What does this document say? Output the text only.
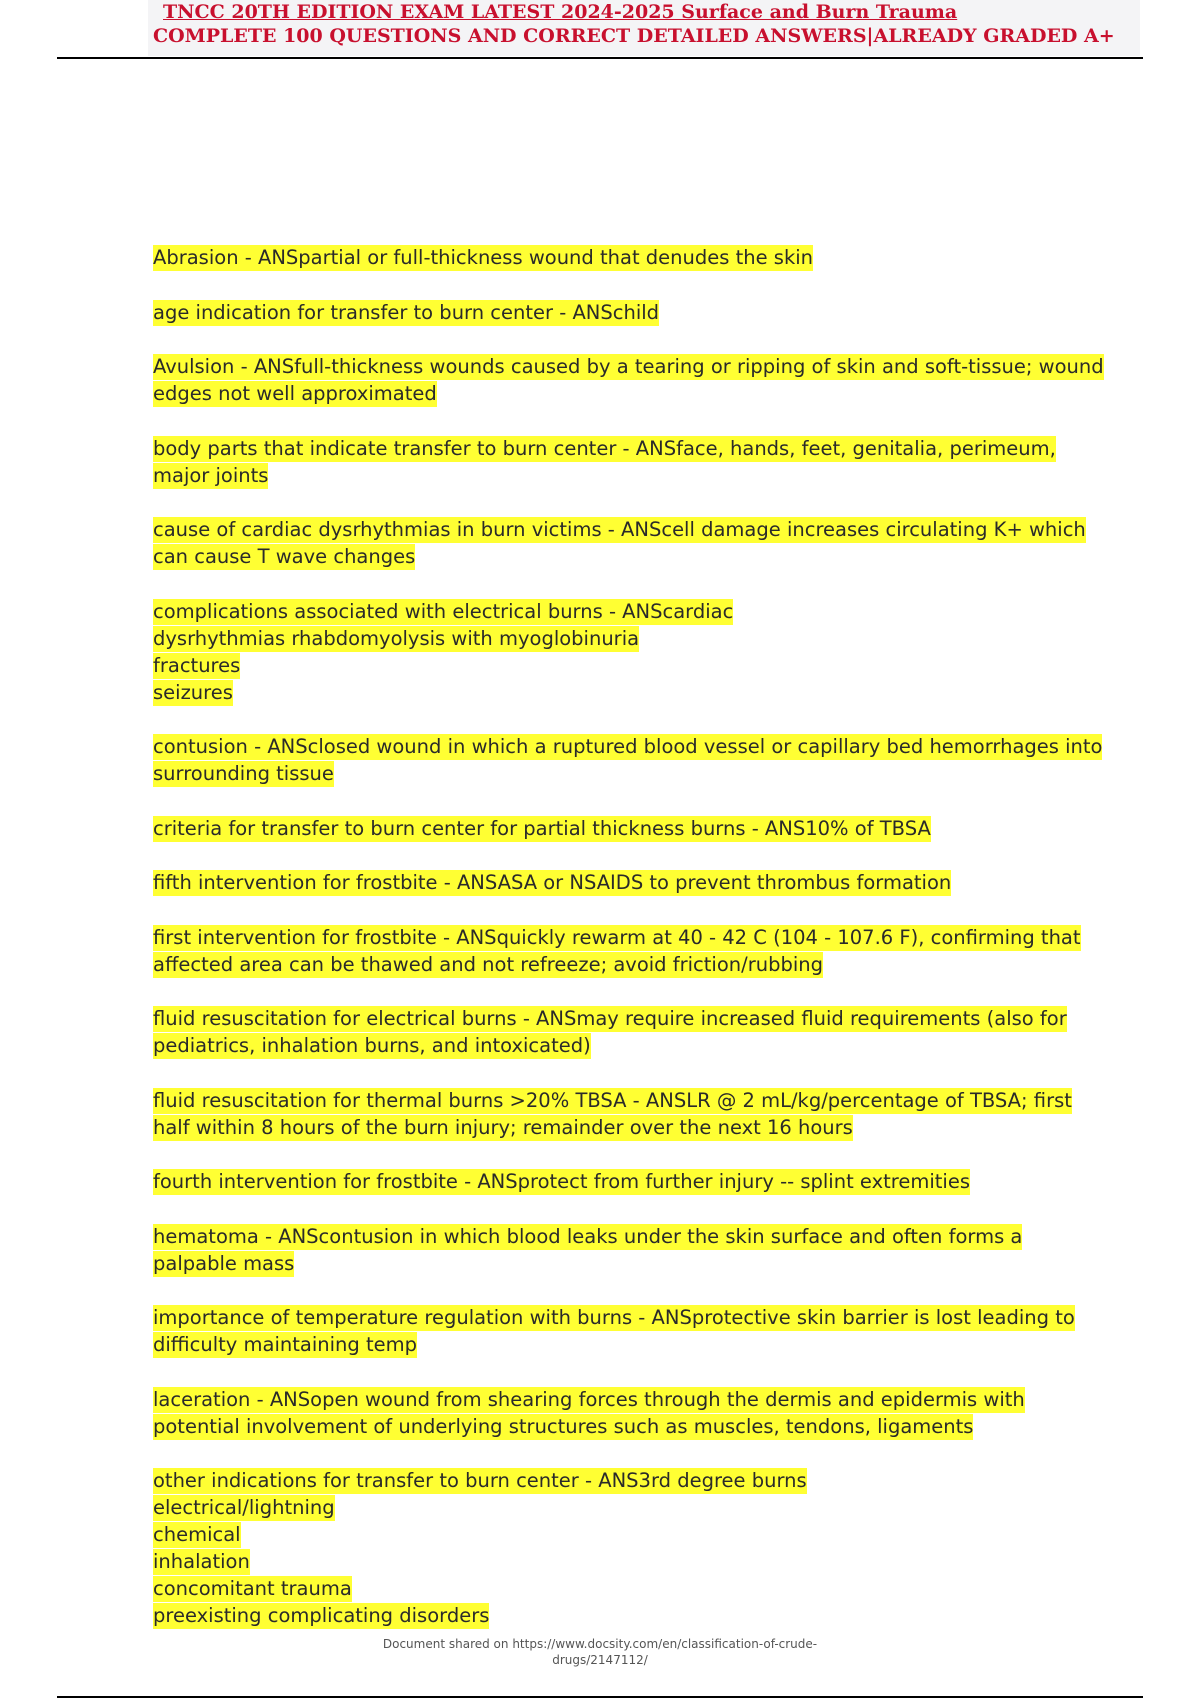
TNCC 20TH EDITION EXAM LATEST 2024-2025 Surface and Burn Trauma
COMPLETE 100 QUESTIONS AND CORRECT DETAILED ANSWERS|ALREADY GRADED A+
Abrasion - ANSpartial or full-thickness wound that denudes the skin
age indication for transfer to burn center - ANSchild
Avulsion - ANSfull-thickness wounds caused by a tearing or ripping of skin and soft-tissue; wound
edges not well approximated
body parts that indicate transfer to burn center - ANSface, hands, feet, genitalia, perimeum,
major joints
cause of cardiac dysrhythmias in burn victims - ANScell damage increases circulating K+ which
can cause T wave changes
complications associated with electrical burns - ANScardiac
dysrhythmias rhabdomyolysis with myoglobinuria
fractures
seizures
contusion - ANSclosed wound in which a ruptured blood vessel or capillary bed hemorrhages into
surrounding tissue
criteria for transfer to burn center for partial thickness burns - ANS10% of TBSA
fifth intervention for frostbite - ANSASA or NSAIDS to prevent thrombus formation
first intervention for frostbite - ANSquickly rewarm at 40 - 42 C (104 - 107.6 F), confirming that
affected area can be thawed and not refreeze; avoid friction/rubbing
fluid resuscitation for electrical burns - ANSmay require increased fluid requirements (also for
pediatrics, inhalation burns, and intoxicated)
fluid resuscitation for thermal burns >20% TBSA - ANSLR @ 2 mL/kg/percentage of TBSA; first
half within 8 hours of the burn injury; remainder over the next 16 hours
fourth intervention for frostbite - ANSprotect from further injury -- splint extremities
hematoma - ANScontusion in which blood leaks under the skin surface and often forms a
palpable mass
importance of temperature regulation with burns - ANSprotective skin barrier is lost leading to
difficulty maintaining temp
laceration - ANSopen wound from shearing forces through the dermis and epidermis with
potential involvement of underlying structures such as muscles, tendons, ligaments
other indications for transfer to burn center - ANS3rd degree burns
electrical/lightning
chemical
inhalation
concomitant trauma
preexisting complicating disorders
Document shared on https://www.docsity.com/en/classification-of-crude-
drugs/2147112/
